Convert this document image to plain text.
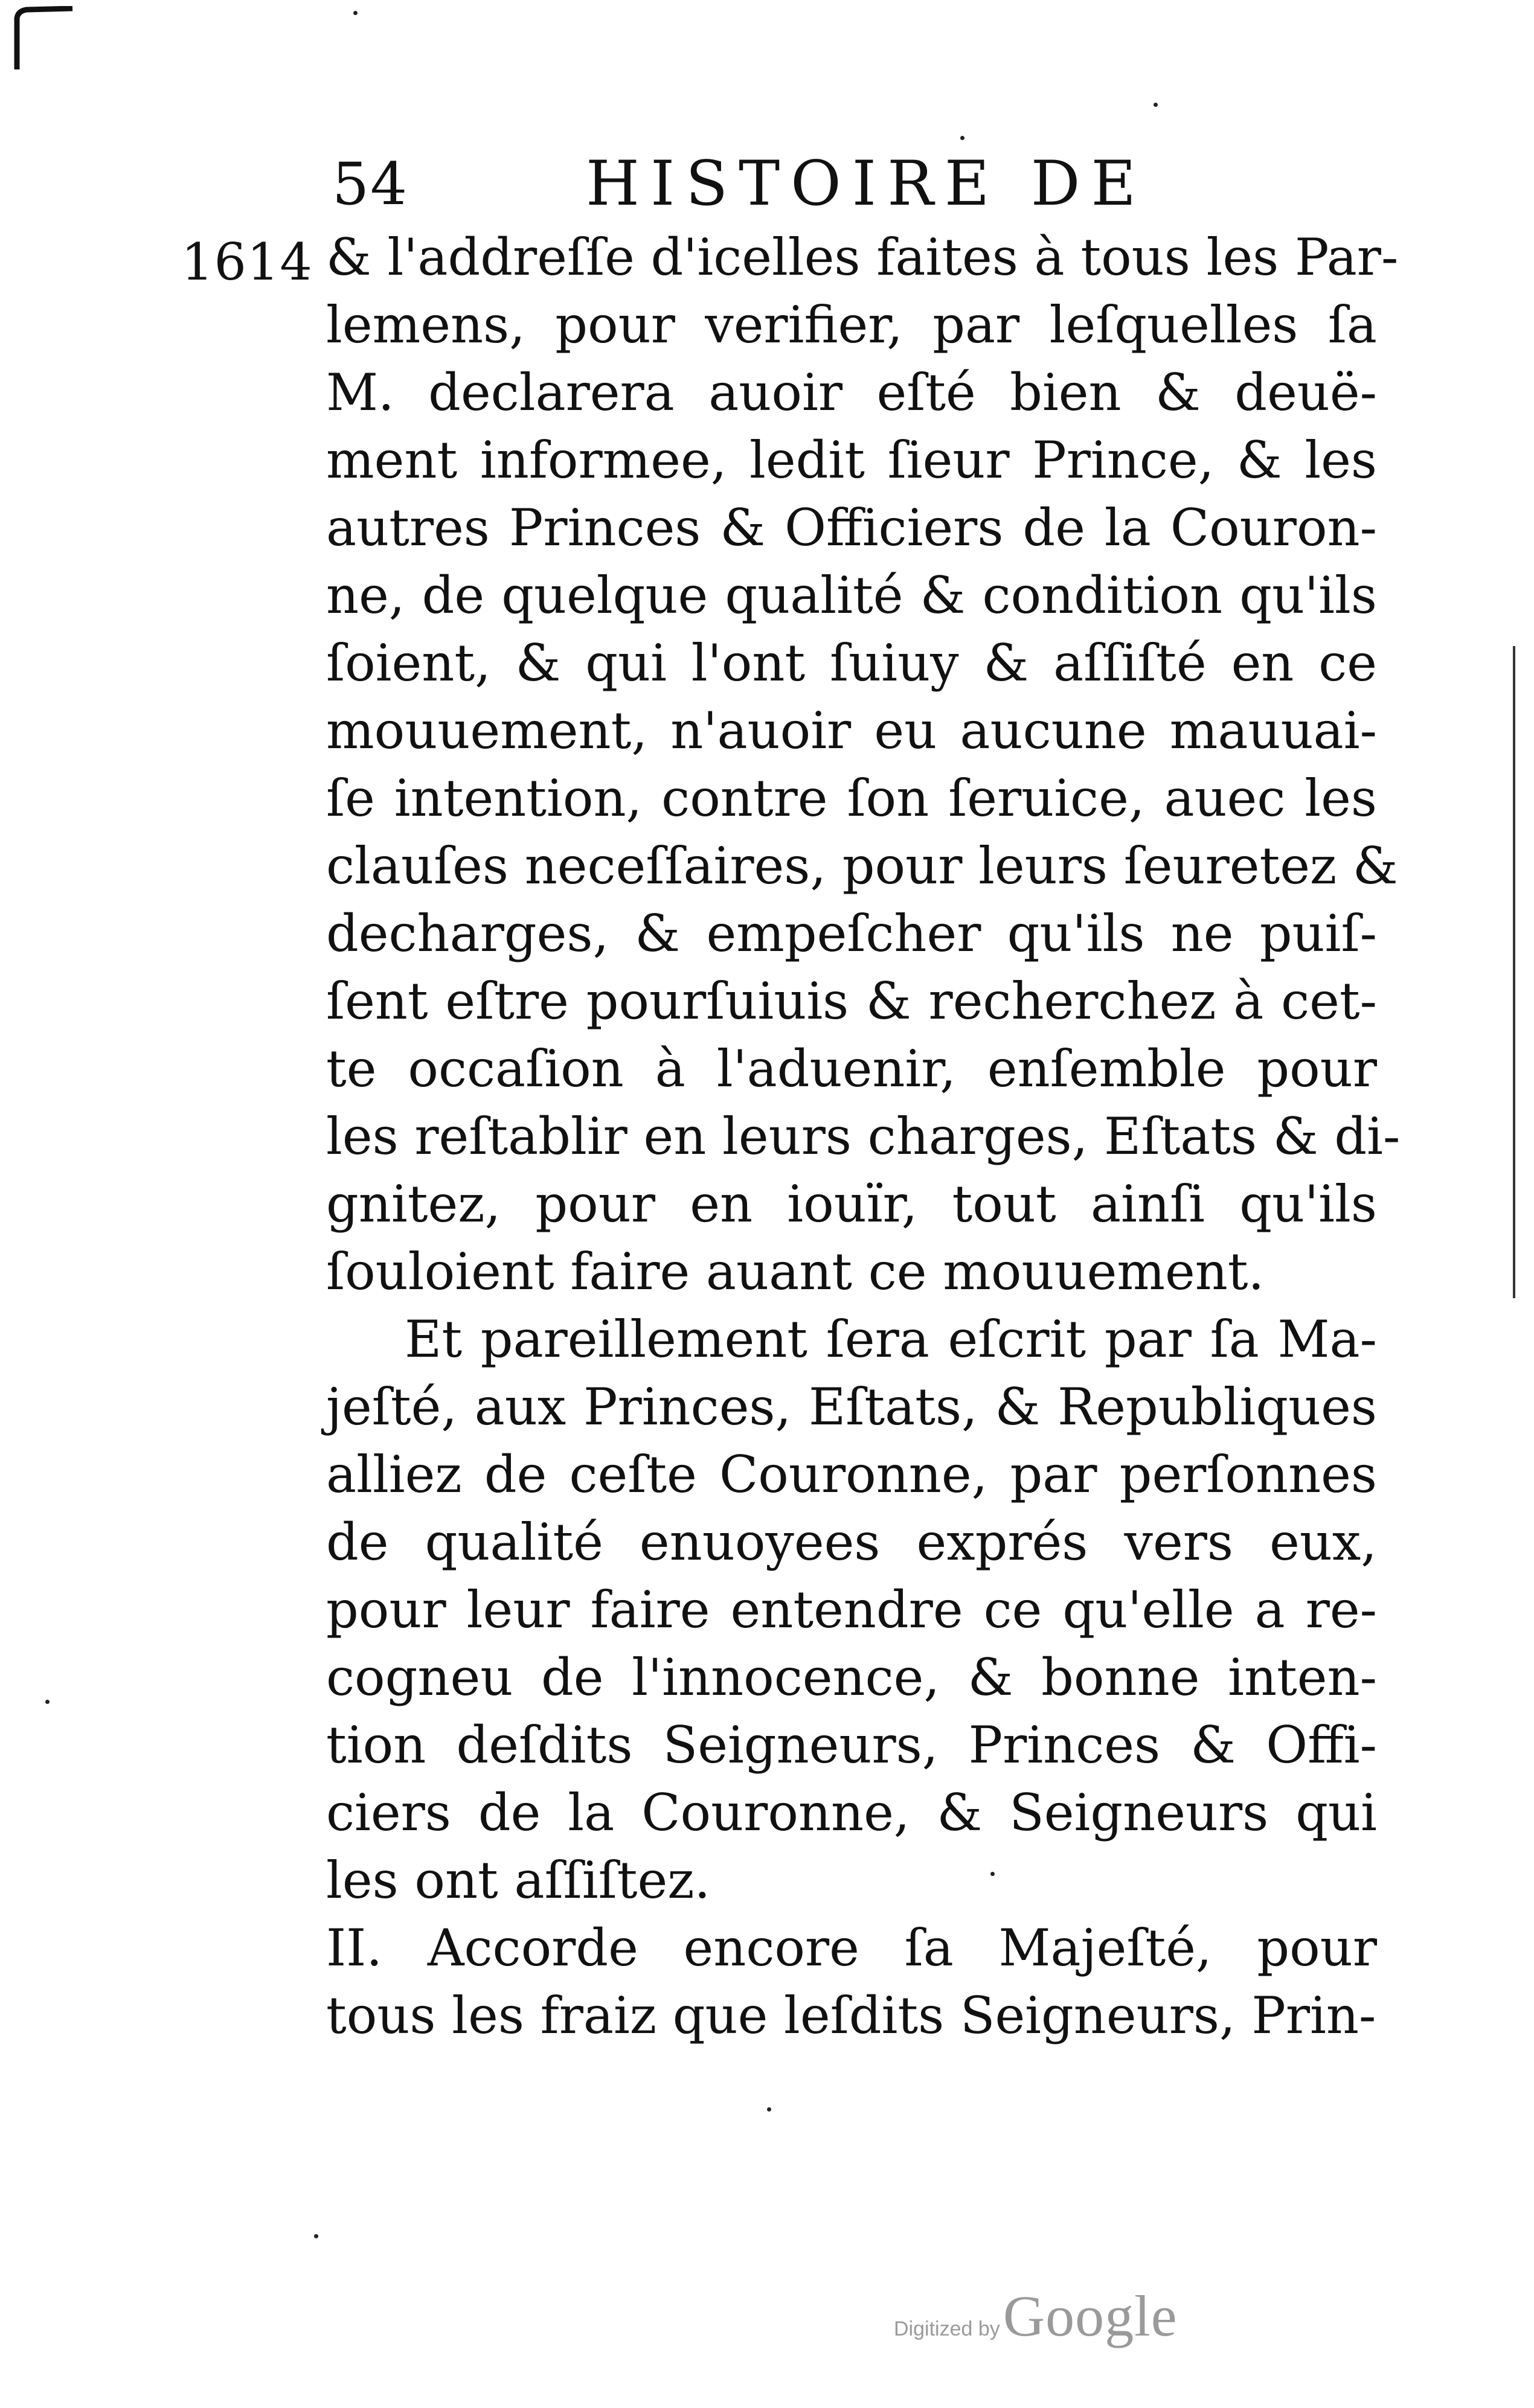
54	HISTOIRE DE
1614 & l'addreſſe d'icelles faites à tous les Par-
lemens, pour verifier, par leſquelles ſa
M. declarera auoir eſté bien & deuë-
ment informee, ledit ſieur Prince, & les
autres Princes & Officiers de la Couron-
ne, de quelque qualité & condition qu'ils
ſoient, & qui l'ont ſuiuy & aſſiſté en ce
mouuement, n'auoir eu aucune mauuai-
ſe intention, contre ſon ſeruice, auec les
clauſes neceſſaires, pour leurs ſeuretez &
decharges, & empeſcher qu'ils ne puiſ-
ſent eſtre pourſuiuis & recherchez à cet-
te occaſion à l'aduenir, enſemble pour
les reſtablir en leurs charges, Eſtats & di-
gnitez, pour en iouïr, tout ainſi qu'ils
ſouloient faire auant ce mouuement.
Et pareillement ſera eſcrit par ſa Ma-
jeſté, aux Princes, Eſtats, & Republiques
alliez de ceſte Couronne, par perſonnes
de qualité enuoyees exprés vers eux,
pour leur faire entendre ce qu'elle a re-
cogneu de l'innocence, & bonne inten-
tion deſdits Seigneurs, Princes & Offi-
ciers de la Couronne, & Seigneurs qui
les ont aſſiſtez.
II. Accorde encore ſa Majeſté, pour
tous les fraiz que leſdits Seigneurs, Prin-
Digitized by Google
